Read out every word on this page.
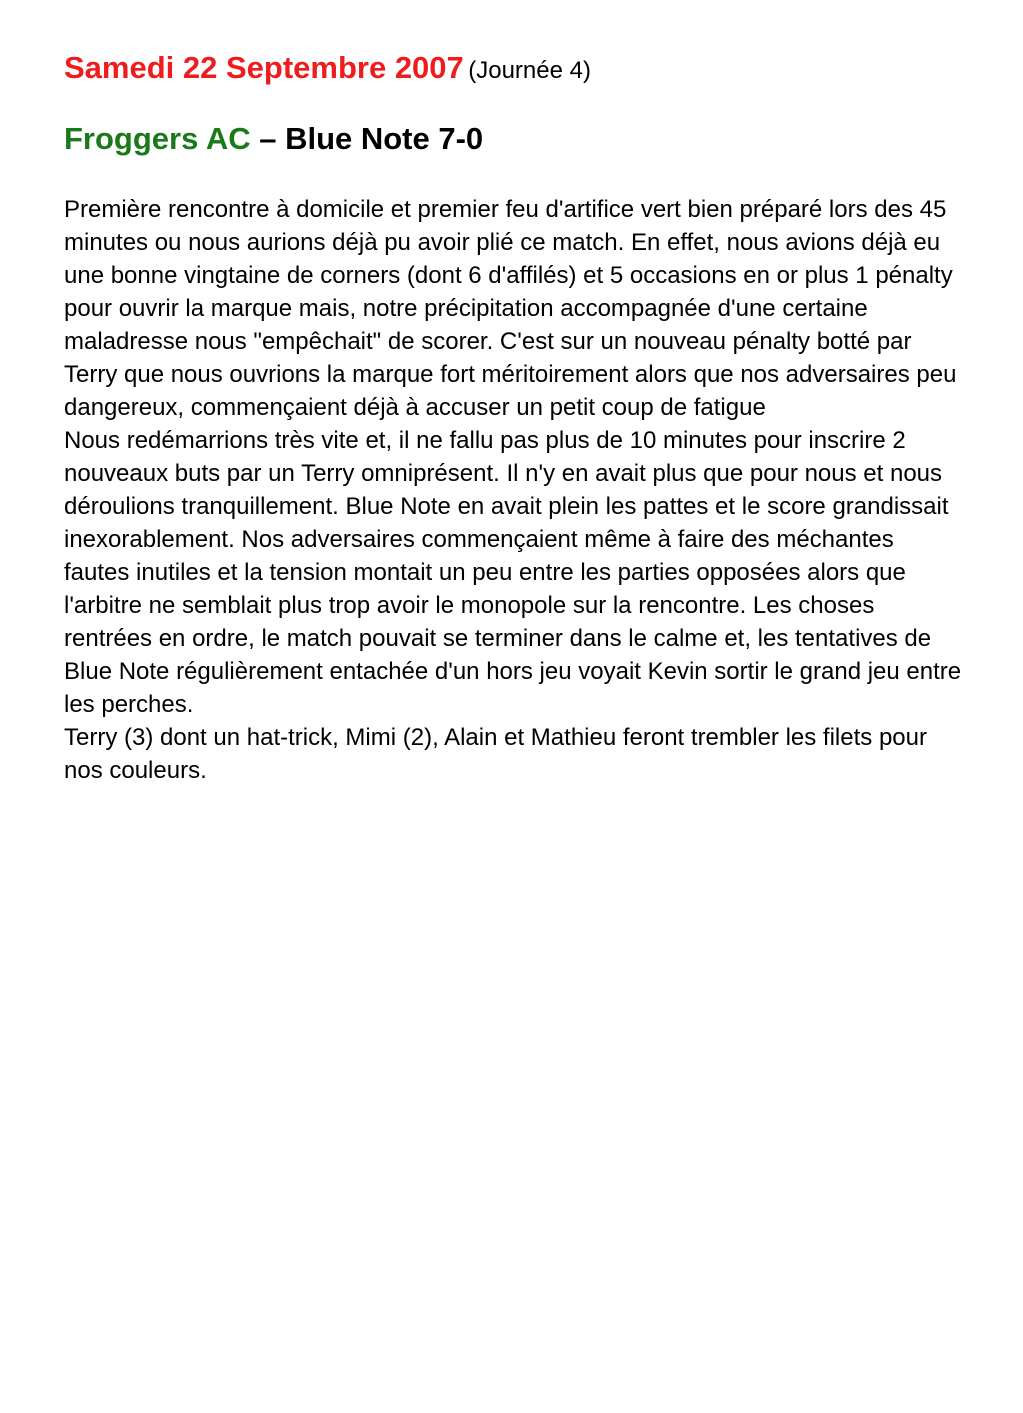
Samedi 22 Septembre 2007 (Journée 4)
Froggers AC – Blue Note 7-0

Première rencontre à domicile et premier feu d'artifice vert bien préparé lors des 45 minutes ou nous aurions déjà pu avoir plié ce match. En effet, nous avions déjà eu une bonne vingtaine de corners (dont 6 d'affilés) et 5 occasions en or plus 1 pénalty pour ouvrir la marque mais, notre précipitation accompagnée d'une certaine maladresse nous "empêchait" de scorer. C'est sur un nouveau pénalty botté par Terry que nous ouvrions la marque fort méritoirement alors que nos adversaires peu dangereux, commençaient déjà à accuser un petit coup de fatigue

Nous redémarrions très vite et, il ne fallu pas plus de 10 minutes pour inscrire 2 nouveaux buts par un Terry omniprésent. Il n'y en avait plus que pour nous et nous déroulions tranquillement. Blue Note en avait plein les pattes et le score grandissait inexorablement. Nos adversaires commençaient même à faire des méchantes fautes inutiles et la tension montait un peu entre les parties opposées alors que l'arbitre ne semblait plus trop avoir le monopole sur la rencontre. Les choses rentrées en ordre, le match pouvait se terminer dans le calme et, les tentatives de Blue Note régulièrement entachée d'un hors jeu voyait Kevin sortir le grand jeu entre les perches.

Terry (3) dont un hat-trick, Mimi (2), Alain et Mathieu feront trembler les filets pour nos couleurs.
